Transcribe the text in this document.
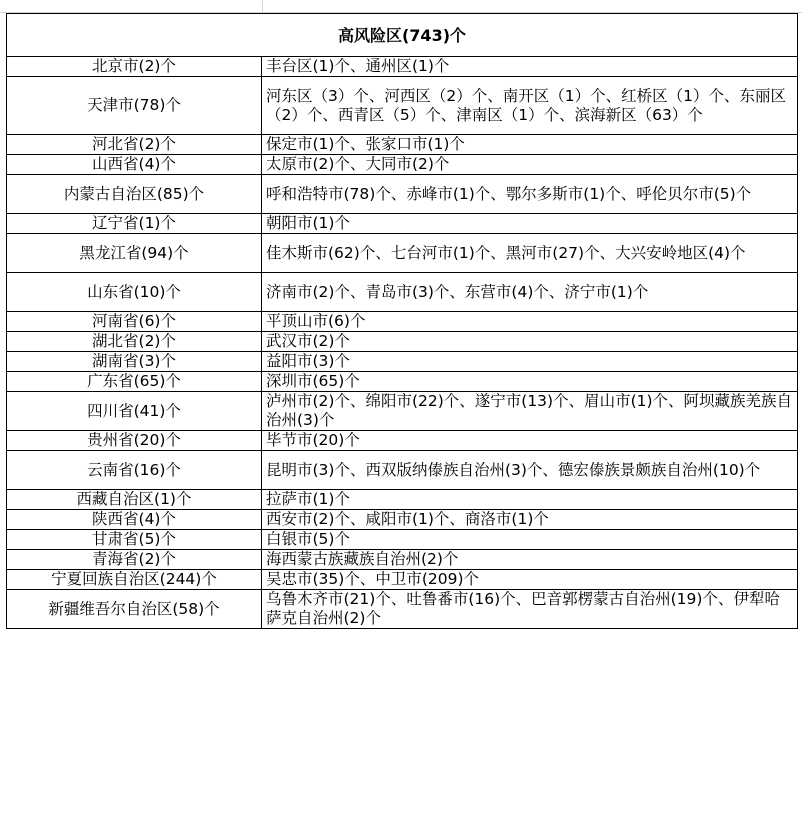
高风险区(743)个	
北京市(2)个	丰台区(1)个、通州区(1)个
天津市(78)个	河东区（3）个、河西区（2）个、南开区（1）个、红桥区（1）个、东丽区（2）个、西青区（5）个、津南区（1）个、滨海新区（63）个
河北省(2)个	保定市(1)个、张家口市(1)个
山西省(4)个	太原市(2)个、大同市(2)个
内蒙古自治区(85)个	呼和浩特市(78)个、赤峰市(1)个、鄂尔多斯市(1)个、呼伦贝尔市(5)个
辽宁省(1)个	朝阳市(1)个
黑龙江省(94)个	佳木斯市(62)个、七台河市(1)个、黑河市(27)个、大兴安岭地区(4)个
山东省(10)个	济南市(2)个、青岛市(3)个、东营市(4)个、济宁市(1)个
河南省(6)个	平顶山市(6)个
湖北省(2)个	武汉市(2)个
湖南省(3)个	益阳市(3)个
广东省(65)个	深圳市(65)个
四川省(41)个	泸州市(2)个、绵阳市(22)个、遂宁市(13)个、眉山市(1)个、阿坝藏族羌族自治州(3)个
贵州省(20)个	毕节市(20)个
云南省(16)个	昆明市(3)个、西双版纳傣族自治州(3)个、德宏傣族景颇族自治州(10)个
西藏自治区(1)个	拉萨市(1)个
陕西省(4)个	西安市(2)个、咸阳市(1)个、商洛市(1)个
甘肃省(5)个	白银市(5)个
青海省(2)个	海西蒙古族藏族自治州(2)个
宁夏回族自治区(244)个	吴忠市(35)个、中卫市(209)个
新疆维吾尔自治区(58)个	乌鲁木齐市(21)个、吐鲁番市(16)个、巴音郭楞蒙古自治州(19)个、伊犁哈萨克自治州(2)个
